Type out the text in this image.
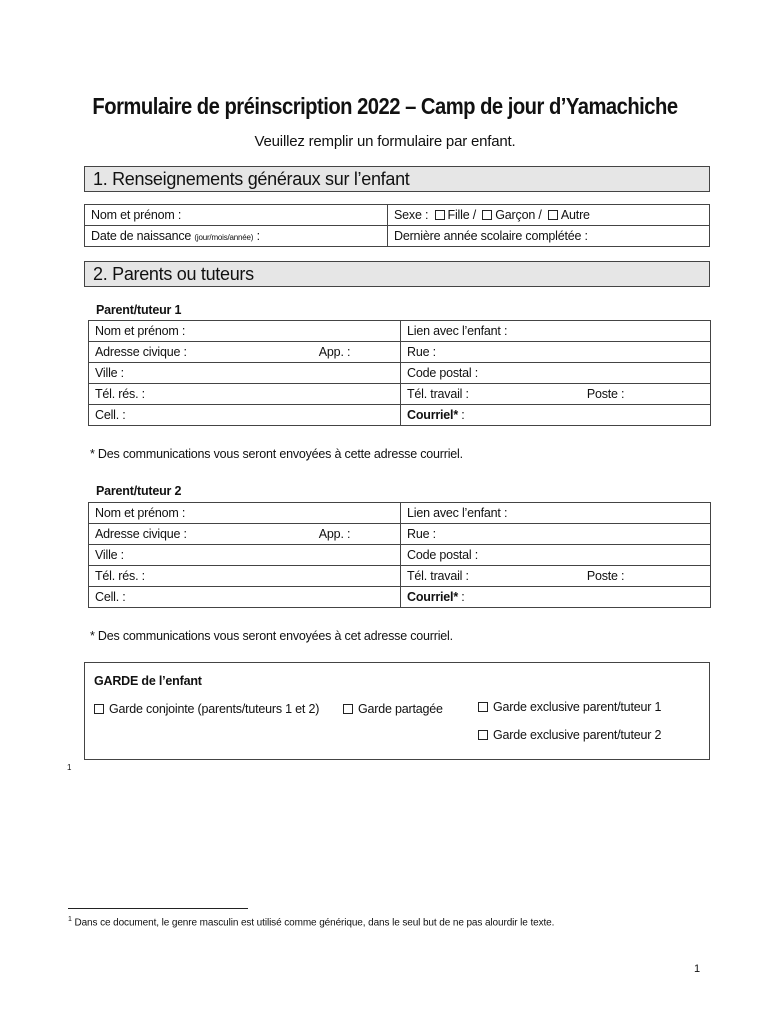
Formulaire de préinscription 2022 – Camp de jour d’Yamachiche
Veuillez remplir un formulaire par enfant.
1. Renseignements généraux sur l’enfant
Nom et prénom :	Sexe : Fille / Garçon / Autre
Date de naissance (jour/mois/année) :	Dernière année scolaire complétée :
2. Parents ou tuteurs
Parent/tuteur 1
Nom et prénom :	Lien avec l’enfant :
Adresse civique : App. :	Rue :
Ville :	Code postal :
Tél. rés. :	Tél. travail : Poste :
Cell. :	Courriel* :
* Des communications vous seront envoyées à cette adresse courriel.
Parent/tuteur 2
Nom et prénom :	Lien avec l’enfant :
Adresse civique : App. :	Rue :
Ville :	Code postal :
Tél. rés. :	Tél. travail : Poste :
Cell. :	Courriel* :
* Des communications vous seront envoyées à cet adresse courriel.
GARDE de l’enfant
Garde conjointe (parents/tuteurs 1 et 2)	Garde partagée	Garde exclusive parent/tuteur 1
Garde exclusive parent/tuteur 2
1
$^1$ Dans ce document, le genre masculin est utilisé comme générique, dans le seul but de ne pas alourdir le texte.
1
